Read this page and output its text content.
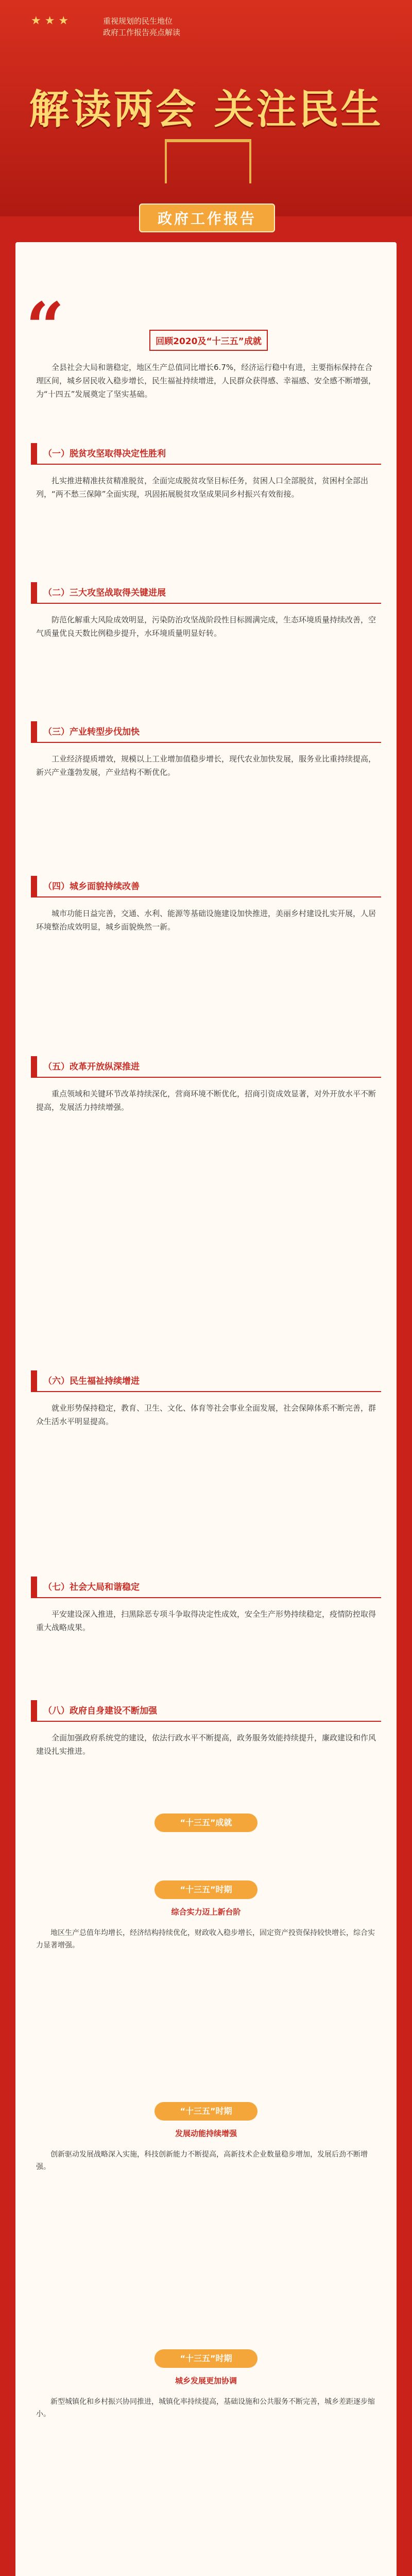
★ ★ ★	重视规划的民生地位
政府工作报告亮点解读
解读两会 关注民生
政府工作报告
“	回顾2020及“十三五”成就
全县社会大局和谐稳定，地区生产总值同比增长6.7%，经济运行稳中有进，主要指标保持在合理区间，城乡居民收入稳步增长，民生福祉持续增进，人民群众获得感、幸福感、安全感不断增强，为“十四五”发展奠定了坚实基础。
（一）脱贫攻坚取得决定性胜利
扎实推进精准扶贫精准脱贫，全面完成脱贫攻坚目标任务，贫困人口全部脱贫，贫困村全部出列，“两不愁三保障”全面实现，巩固拓展脱贫攻坚成果同乡村振兴有效衔接。
（二）三大攻坚战取得关键进展
防范化解重大风险成效明显，污染防治攻坚战阶段性目标圆满完成，生态环境质量持续改善，空气质量优良天数比例稳步提升，水环境质量明显好转。
（三）产业转型步伐加快
工业经济提质增效，规模以上工业增加值稳步增长，现代农业加快发展，服务业比重持续提高，新兴产业蓬勃发展，产业结构不断优化。
（四）城乡面貌持续改善
城市功能日益完善，交通、水利、能源等基础设施建设加快推进，美丽乡村建设扎实开展，人居环境整治成效明显，城乡面貌焕然一新。
（五）改革开放纵深推进
重点领域和关键环节改革持续深化，营商环境不断优化，招商引资成效显著，对外开放水平不断提高，发展活力持续增强。
（六）民生福祉持续增进
就业形势保持稳定，教育、卫生、文化、体育等社会事业全面发展，社会保障体系不断完善，群众生活水平明显提高。
（七）社会大局和谐稳定
平安建设深入推进，扫黑除恶专项斗争取得决定性成效，安全生产形势持续稳定，疫情防控取得重大战略成果。
（八）政府自身建设不断加强
全面加强政府系统党的建设，依法行政水平不断提高，政务服务效能持续提升，廉政建设和作风建设扎实推进。
“十三五”成就
“十三五”时期
综合实力迈上新台阶
地区生产总值年均增长，经济结构持续优化，财政收入稳步增长，固定资产投资保持较快增长，综合实力显著增强。
“十三五”时期
发展动能持续增强
创新驱动发展战略深入实施，科技创新能力不断提高，高新技术企业数量稳步增加，发展后劲不断增强。
“十三五”时期
城乡发展更加协调
新型城镇化和乡村振兴协同推进，城镇化率持续提高，基础设施和公共服务不断完善，城乡差距逐步缩小。
